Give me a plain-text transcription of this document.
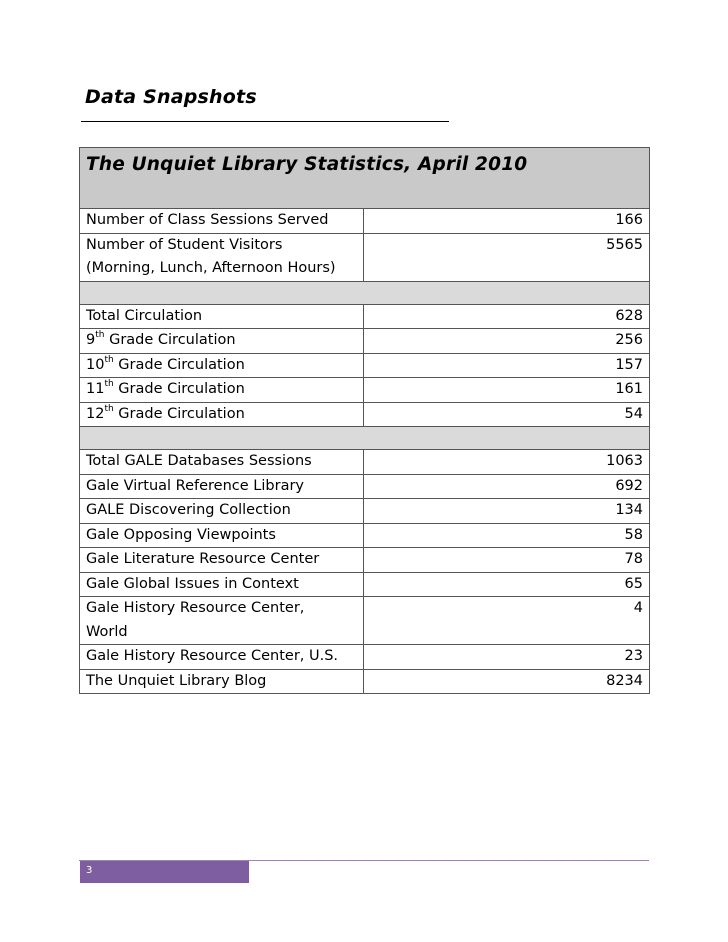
Data Snapshots
The Unquiet Library Statistics, April 2010	
Number of Class Sessions Served	166
Number of Student Visitors
(Morning, Lunch, Afternoon Hours)	5565

Total Circulation	628
9th Grade Circulation	256
10th Grade Circulation	157
11th Grade Circulation	161
12th Grade Circulation	54

Total GALE Databases Sessions	1063
Gale Virtual Reference Library	692
GALE Discovering Collection	134
Gale Opposing Viewpoints	58
Gale Literature Resource Center	78
Gale Global Issues in Context	65
Gale History Resource Center,
World	4
Gale History Resource Center, U.S.	23
The Unquiet Library Blog	8234
3
